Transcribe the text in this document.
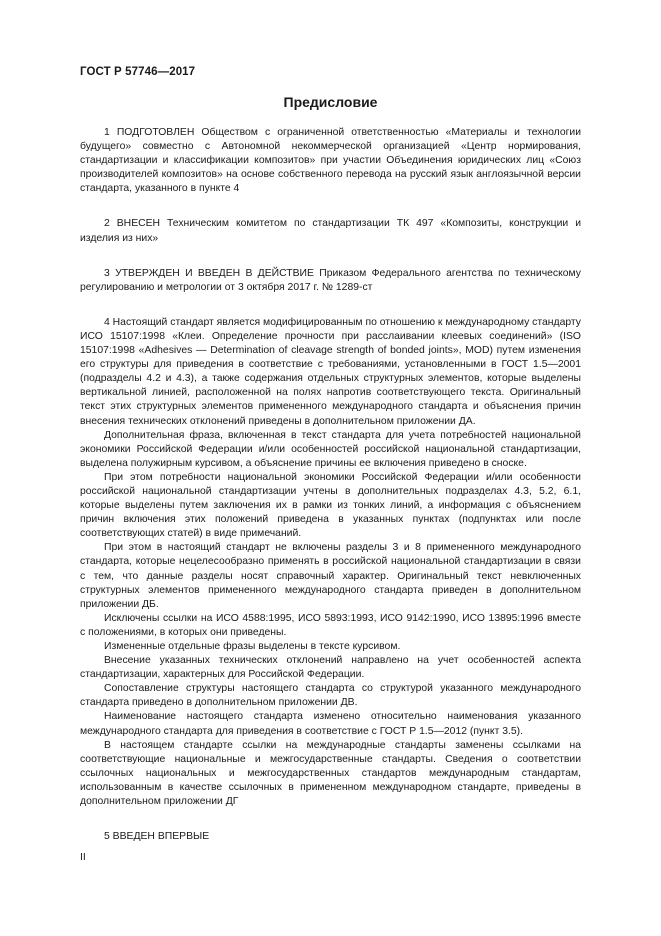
ГОСТ Р 57746—2017
Предисловие

1 ПОДГОТОВЛЕН Обществом с ограниченной ответственностью «Материалы и технологии будущего» совместно с Автономной некоммерческой организацией «Центр нормирования, стандартизации и классификации композитов» при участии Объединения юридических лиц «Союз производителей композитов» на основе собственного перевода на русский язык англоязычной версии стандарта, указанного в пункте 4

2 ВНЕСЕН Техническим комитетом по стандартизации ТК 497 «Композиты, конструкции и изделия из них»

3 УТВЕРЖДЕН И ВВЕДЕН В ДЕЙСТВИЕ Приказом Федерального агентства по техническому регулированию и метрологии от 3 октября 2017 г. № 1289-ст

4 Настоящий стандарт является модифицированным по отношению к международному стандарту ИСО 15107:1998 «Клеи. Определение прочности при расслаивании клеевых соединений» (ISO 15107:1998 «Adhesives — Determination of cleavage strength of bonded joints», MOD) путем изменения его структуры для приведения в соответствие с требованиями, установленными в ГОСТ 1.5—2001 (подразделы 4.2 и 4.3), а также содержания отдельных структурных элементов, которые выделены вертикальной линией, расположенной на полях напротив соответствующего текста. Оригинальный текст этих структурных элементов примененного международного стандарта и объяснения причин внесения технических отклонений приведены в дополнительном приложении ДА.

Дополнительная фраза, включенная в текст стандарта для учета потребностей национальной экономики Российской Федерации и/или особенностей российской национальной стандартизации, выделена полужирным курсивом, а объяснение причины ее включения приведено в сноске.

При этом потребности национальной экономики Российской Федерации и/или особенности российской национальной стандартизации учтены в дополнительных подразделах 4.3, 5.2, 6.1, которые выделены путем заключения их в рамки из тонких линий, а информация с объяснением причин включения этих положений приведена в указанных пунктах (подпунктах или после соответствующих статей) в виде примечаний.

При этом в настоящий стандарт не включены разделы 3 и 8 примененного международного стандарта, которые нецелесообразно применять в российской национальной стандартизации в связи с тем, что данные разделы носят справочный характер. Оригинальный текст невключенных структурных элементов примененного международного стандарта приведен в дополнительном приложении ДБ.

Исключены ссылки на ИСО 4588:1995, ИСО 5893:1993, ИСО 9142:1990, ИСО 13895:1996 вместе с положениями, в которых они приведены.

Измененные отдельные фразы выделены в тексте курсивом.

Внесение указанных технических отклонений направлено на учет особенностей аспекта стандартизации, характерных для Российской Федерации.

Сопоставление структуры настоящего стандарта со структурой указанного международного стандарта приведено в дополнительном приложении ДВ.

Наименование настоящего стандарта изменено относительно наименования указанного международного стандарта для приведения в соответствие с ГОСТ Р 1.5—2012 (пункт 3.5).

В настоящем стандарте ссылки на международные стандарты заменены ссылками на соответствующие национальные и межгосударственные стандарты. Сведения о соответствии ссылочных национальных и межгосударственных стандартов международным стандартам, использованным в качестве ссылочных в примененном международном стандарте, приведены в дополнительном приложении ДГ

5 ВВЕДЕН ВПЕРВЫЕ

II
